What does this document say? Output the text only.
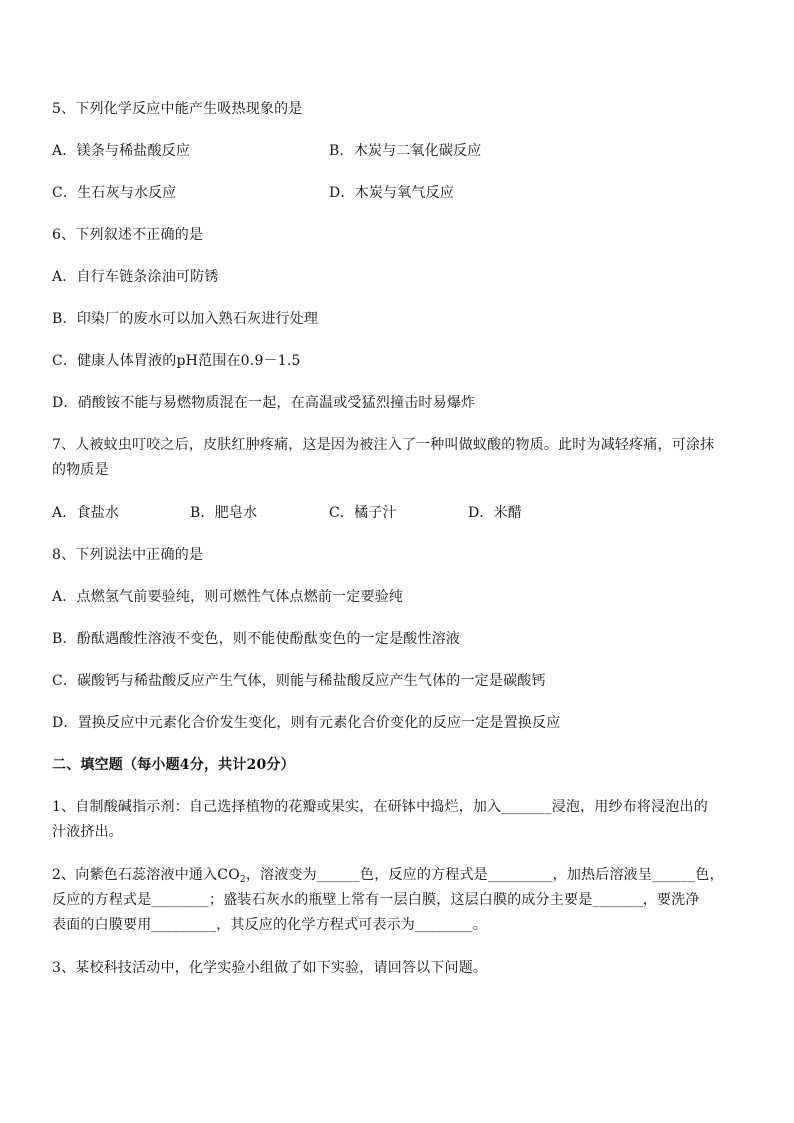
5、下列化学反应中能产生吸热现象的是
A．镁条与稀盐酸反应	B．木炭与二氧化碳反应
C．生石灰与水反应	D．木炭与氧气反应
6、下列叙述不正确的是
A．自行车链条涂油可防锈
B．印染厂的废水可以加入熟石灰进行处理
C．健康人体胃液的pH范围在0.9－1.5
D．硝酸铵不能与易燃物质混在一起，在高温或受猛烈撞击时易爆炸
7、人被蚊虫叮咬之后，皮肤红肿疼痛，这是因为被注入了一种叫做蚁酸的物质。此时为减轻疼痛，可涂抹
的物质是
A．食盐水	B．肥皂水	C．橘子汁	D．米醋
8、下列说法中正确的是
A．点燃氢气前要验纯，则可燃性气体点燃前一定要验纯
B．酚酞遇酸性溶液不变色，则不能使酚酞变色的一定是酸性溶液
C．碳酸钙与稀盐酸反应产生气体，则能与稀盐酸反应产生气体的一定是碳酸钙
D．置换反应中元素化合价发生变化，则有元素化合价变化的反应一定是置换反应
二、填空题（每小题4分，共计20分）
1、自制酸碱指示剂：自己选择植物的花瓣或果实，在研钵中捣烂，加入_______浸泡，用纱布将浸泡出的
汁液挤出。
2、向紫色石蕊溶液中通入$CO_2$，溶液变为______色，反应的方程式是_________，加热后溶液呈______色，
反应的方程式是________；盛装石灰水的瓶壁上常有一层白膜，这层白膜的成分主要是_______，要洗净
表面的白膜要用_________，其反应的化学方程式可表示为________。
3、某校科技活动中，化学实验小组做了如下实验，请回答以下问题。
